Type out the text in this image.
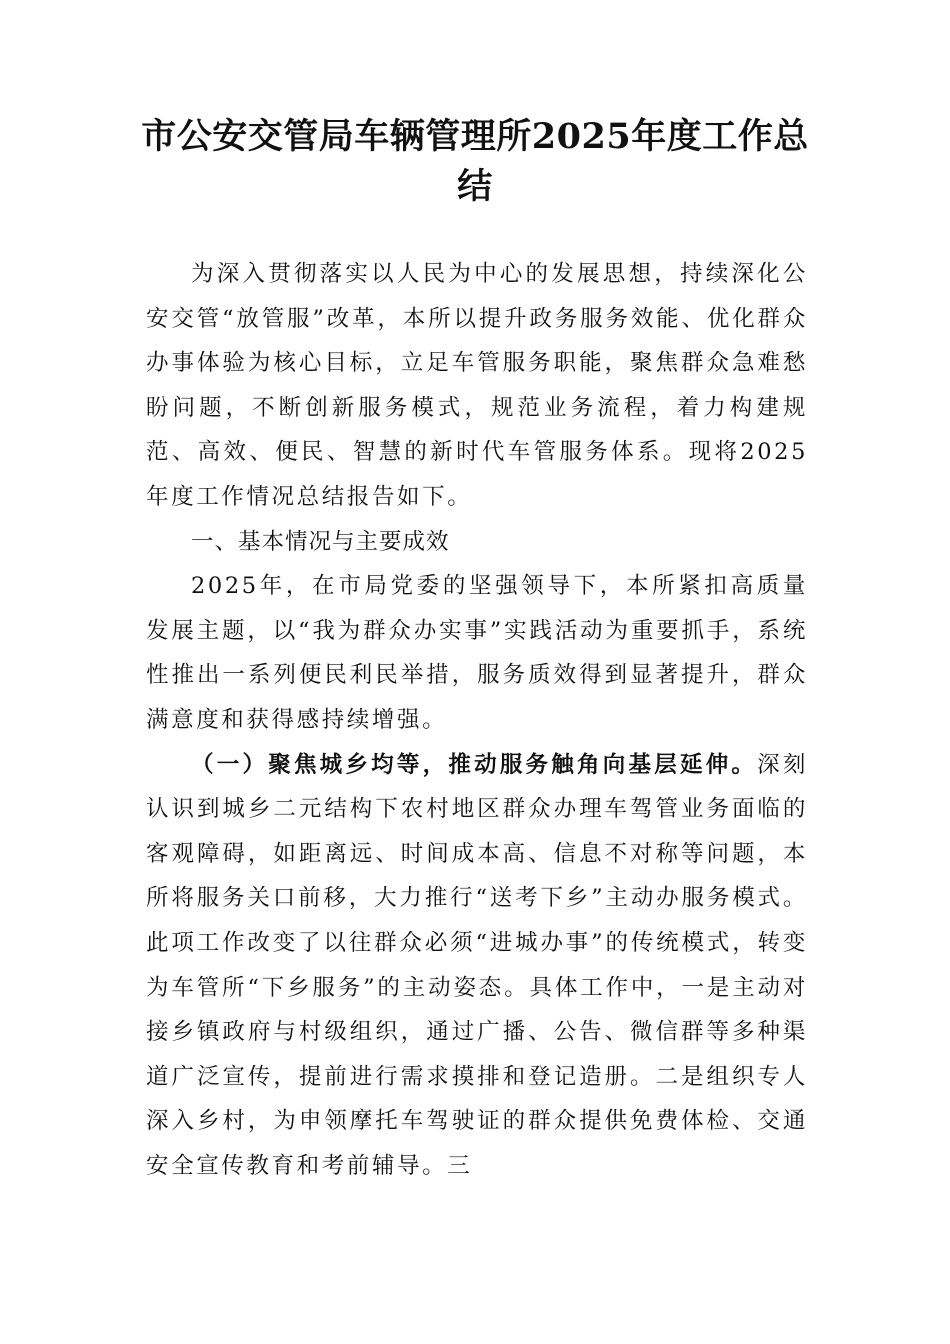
市公安交管局车辆管理所2025年度工作总结

为深入贯彻落实以人民为中心的发展思想，持续深化公安交管“放管服”改革，本所以提升政务服务效能、优化群众办事体验为核心目标，立足车管服务职能，聚焦群众急难愁盼问题，不断创新服务模式，规范业务流程，着力构建规范、高效、便民、智慧的新时代车管服务体系。现将2025年度工作情况总结报告如下。

一、基本情况与主要成效

2025年，在市局党委的坚强领导下，本所紧扣高质量发展主题，以“我为群众办实事”实践活动为重要抓手，系统性推出一系列便民利民举措，服务质效得到显著提升，群众满意度和获得感持续增强。

（一）聚焦城乡均等，推动服务触角向基层延伸。深刻认识到城乡二元结构下农村地区群众办理车驾管业务面临的客观障碍，如距离远、时间成本高、信息不对称等问题，本所将服务关口前移，大力推行“送考下乡”主动办服务模式。此项工作改变了以往群众必须“进城办事”的传统模式，转变为车管所“下乡服务”的主动姿态。具体工作中，一是主动对接乡镇政府与村级组织，通过广播、公告、微信群等多种渠道广泛宣传，提前进行需求摸排和登记造册。二是组织专人深入乡村，为申领摩托车驾驶证的群众提供免费体检、交通安全宣传教育和考前辅导。三
